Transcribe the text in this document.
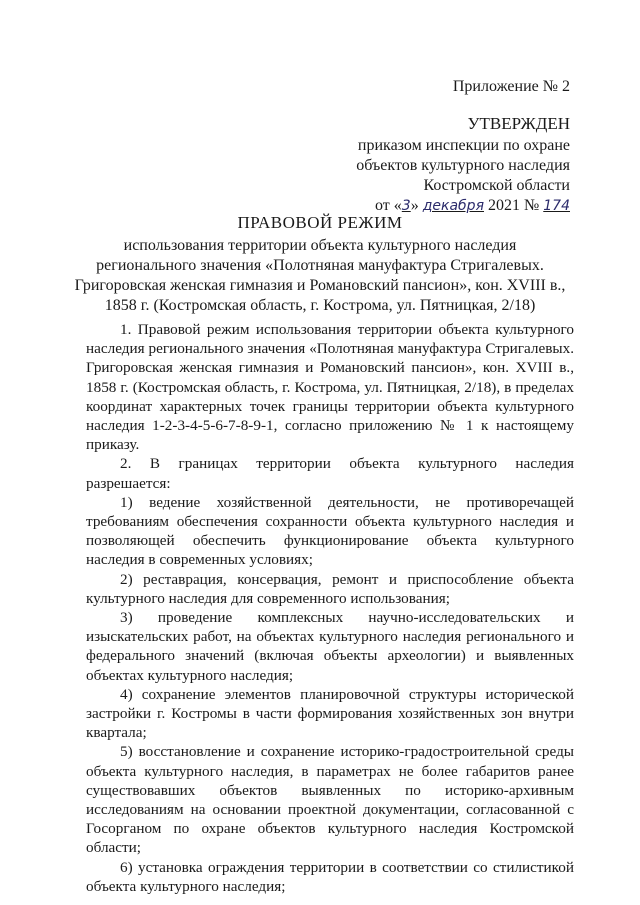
Приложение № 2
УТВЕРЖДЕН
приказом инспекции по охране
объектов культурного наследия
Костромской области
от «3» декабря 2021 № 174
ПРАВОВОЙ РЕЖИМ
использования территории объекта культурного наследия
регионального значения «Полотняная мануфактура Стригалевых.
Григоровская женская гимназия и Романовский пансион», кон. XVIII в.,
1858 г. (Костромская область, г. Кострома, ул. Пятницкая, 2/18)

1. Правовой режим использования территории объекта культурного наследия регионального значения «Полотняная мануфактура Стригалевых. Григоровская женская гимназия и Романовский пансион», кон. XVIII в., 1858 г. (Костромская область, г. Кострома, ул. Пятницкая, 2/18), в пределах координат характерных точек границы территории объекта культурного наследия 1-2-3-4-5-6-7-8-9-1, согласно приложению № 1 к настоящему приказу.

2. В границах территории объекта культурного наследия разрешается:

1) ведение хозяйственной деятельности, не противоречащей требованиям обеспечения сохранности объекта культурного наследия и позволяющей обеспечить функционирование объекта культурного наследия в современных условиях;

2) реставрация, консервация, ремонт и приспособление объекта культурного наследия для современного использования;

3) проведение комплексных научно-исследовательских и изыскательских работ, на объектах культурного наследия регионального и федерального значений (включая объекты археологии) и выявленных объектах культурного наследия;

4) сохранение элементов планировочной структуры исторической застройки г. Костромы в части формирования хозяйственных зон внутри квартала;

5) восстановление и сохранение историко-градостроительной среды объекта культурного наследия, в параметрах не более габаритов ранее существовавших объектов выявленных по историко-архивным исследованиям на основании проектной документации, согласованной с Госорганом по охране объектов культурного наследия Костромской области;

6) установка ограждения территории в соответствии со стилистикой объекта культурного наследия;
